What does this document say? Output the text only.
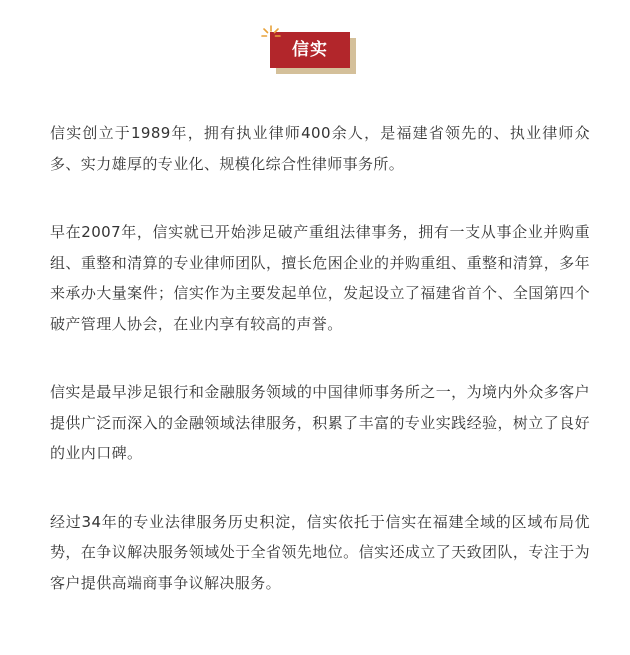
信实

信实创立于1989年，拥有执业律师400余人，是福建省领先的、执业律师众多、实力雄厚的专业化、规模化综合性律师事务所。

早在2007年，信实就已开始涉足破产重组法律事务，拥有一支从事企业并购重组、重整和清算的专业律师团队，擅长危困企业的并购重组、重整和清算，多年来承办大量案件；信实作为主要发起单位，发起设立了福建省首个、全国第四个破产管理人协会，在业内享有较高的声誉。

信实是最早涉足银行和金融服务领域的中国律师事务所之一，为境内外众多客户提供广泛而深入的金融领域法律服务，积累了丰富的专业实践经验，树立了良好的业内口碑。

经过34年的专业法律服务历史积淀，信实依托于信实在福建全域的区域布局优势，在争议解决服务领域处于全省领先地位。信实还成立了天致团队，专注于为客户提供高端商事争议解决服务。
